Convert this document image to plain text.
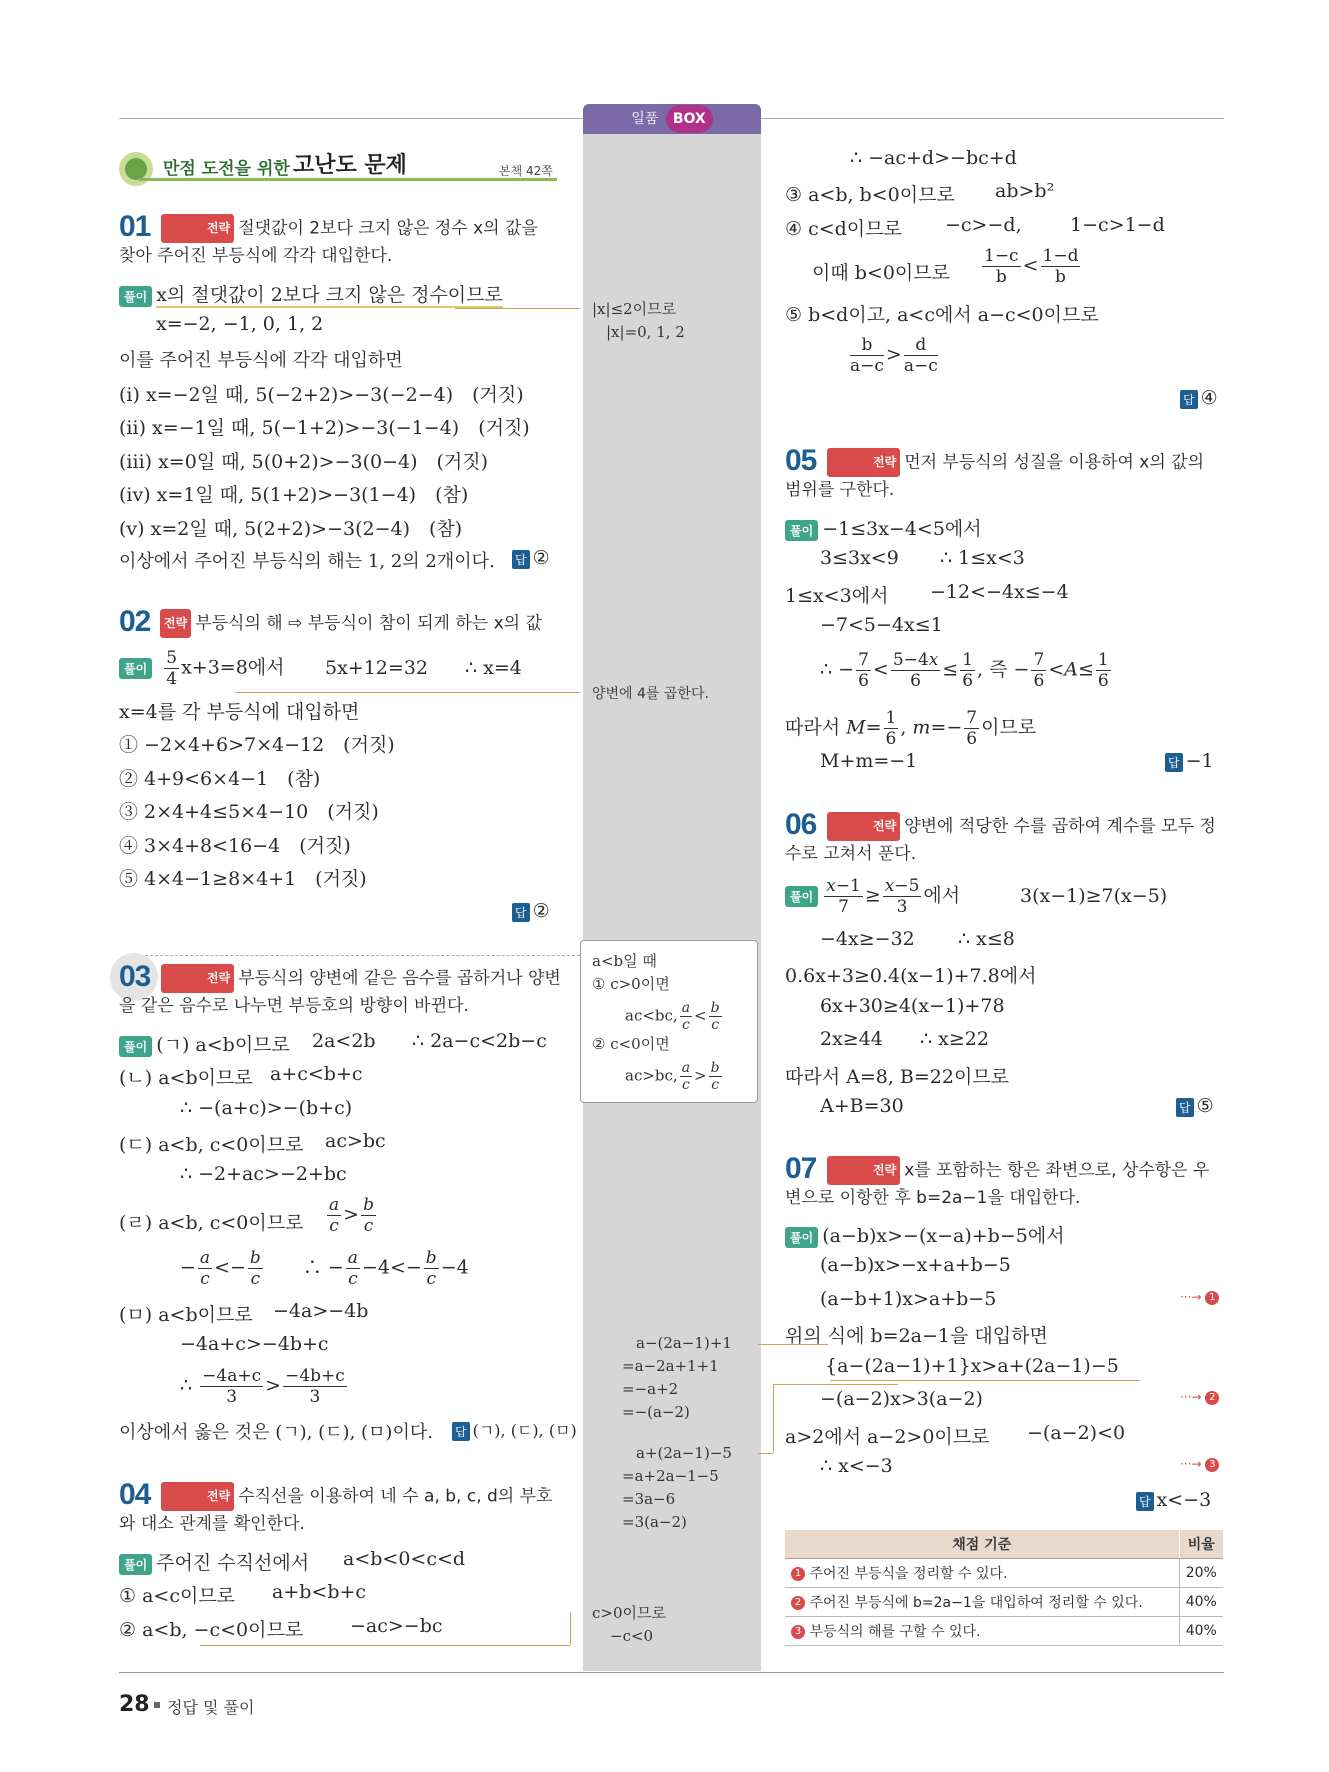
일품 BOX
만점 도전을 위한 고난도 문제	본책 42쪽
01	전략 절댓값이 2보다 크지 않은 정수 x의 값을 찾아 주어진 부등식에 각각 대입한다.
풀이 x의 절댓값이 2보다 크지 않은 정수이므로
x=−2, −1, 0, 1, 2
이를 주어진 부등식에 각각 대입하면
(i) x=−2일 때, 5(−2+2)>−3(−2−4)　(거짓)
(ii) x=−1일 때, 5(−1+2)>−3(−1−4)　(거짓)
(iii) x=0일 때, 5(0+2)>−3(0−4)　(거짓)
(iv) x=1일 때, 5(1+2)>−3(1−4)　(참)
(v) x=2일 때, 5(2+2)>−3(2−4)　(참)
이상에서 주어진 부등식의 해는 1, 2의 2개이다. 답 ②
|x|≤2이므로
|x|=0, 1, 2
02	전략 부등식의 해 ⇨ 부등식이 참이 되게 하는 x의 값
풀이 $\frac{5}{4} x+3=8$에서 5x+12=32 ∴ x=4
양변에 4를 곱한다.
x=4를 각 부등식에 대입하면
① −2×4+6>7×4−12　(거짓)
② 4+9<6×4−1　(참)
③ 2×4+4≤5×4−10　(거짓)
④ 3×4+8<16−4　(거짓)
⑤ 4×4−1≥8×4+1　(거짓)
답 ②
03	전략 부등식의 양변에 같은 음수를 곱하거나 양변을 같은 음수로 나누면 부등호의 방향이 바뀐다.
풀이 (ㄱ) a<b이므로 2a<2b ∴ 2a−c<2b−c
(ㄴ) a<b이므로 a+c<b+c
∴ −(a+c)>−(b+c)
(ㄷ) a<b, c<0이므로 ac>bc
∴ −2+ac>−2+bc
(ㄹ) a<b, c<0이므로 $\frac{a}{c} > \frac{b}{c}$
− $\frac{a}{c} <- \frac{b}{c}$
　　 ∴ − $\frac{a}{c} -4<- \frac{b}{c} -4$
(ㅁ) a<b이므로 −4a>−4b
−4a+c>−4b+c
∴ $\frac{-4a+c}{3} > \frac{-4b+c}{3}$
이상에서 옳은 것은 (ㄱ), (ㄷ), (ㅁ)이다. 답 (ㄱ), (ㄷ), (ㅁ)
a<b일 때
① c>0이면
ac<bc, $\frac{a}{c} < \frac{b}{c}$
② c<0이면
ac>bc, $\frac{a}{c} > \frac{b}{c}$
04	전략 수직선을 이용하여 네 수 a, b, c, d의 부호와 대소 관계를 확인한다.
풀이 주어진 수직선에서 a<b<0<c<d
① a<c이므로 a+b<b+c
② a<b, −c<0이므로 −ac>−bc
c>0이므로
−c<0
∴ −ac+d>−bc+d
③ a<b, b<0이므로 ab>b²
④ c<d이므로 −c>−d,	1−c>1−d
이때 b<0이므로 $\frac{1-c}{b} < \frac{1-d}{b}$
⑤ b<d이고, a<c에서 a−c<0이므로
$\frac{b}{a-c} > \frac{d}{a-c}$
답 ④
05	전략 먼저 부등식의 성질을 이용하여 x의 값의 범위를 구한다.
풀이 −1≤3x−4<5에서
3≤3x<9 ∴ 1≤x<3
1≤x<3에서 −12<−4x≤−4
−7<5−4x≤1
∴ − $\frac{7}{6} < \frac{5-4x}{6} \le \frac{1}{6}$ , 즉 − $\frac{7}{6} <A\le \frac{1}{6}$
따라서 $M= \frac{1}{6}$ , $m=- \frac{7}{6}$ 이므로
M+m=−1	답 −1
06	전략 양변에 적당한 수를 곱하여 계수를 모두 정수로 고쳐서 푼다.
풀이 $\frac{x-1}{7} \ge \frac{x-5}{3}$ 에서	3(x−1)≥7(x−5)
−4x≥−32 ∴ x≤8
0.6x+3≥0.4(x−1)+7.8에서
6x+30≥4(x−1)+78
2x≥44 ∴ x≥22
따라서 A=8, B=22이므로
A+B=30	답 ⑤
07	전략 x를 포함하는 항은 좌변으로, 상수항은 우변으로 이항한 후 b=2a−1을 대입한다.
풀이 (a−b)x>−(x−a)+b−5에서
(a−b)x>−x+a+b−5
(a−b+1)x>a+b−5	···→ 1
위의 식에 b=2a−1을 대입하면
{a−(2a−1)+1}x>a+(2a−1)−5
−(a−2)x>3(a−2)	···→ 2
a>2에서 a−2>0이므로 −(a−2)<0
∴ x<−3	···→ 3
답 x<−3
a−(2a−1)+1
=a−2a+1+1
=−a+2
=−(a−2)
a+(2a−1)−5
=a+2a−1−5
=3a−6
=3(a−2)
채점 기준	비율
1 주어진 부등식을 정리할 수 있다.	20%
2 주어진 부등식에 b=2a−1을 대입하여 정리할 수 있다.	40%
3 부등식의 해를 구할 수 있다.	40%
28 정답 및 풀이
